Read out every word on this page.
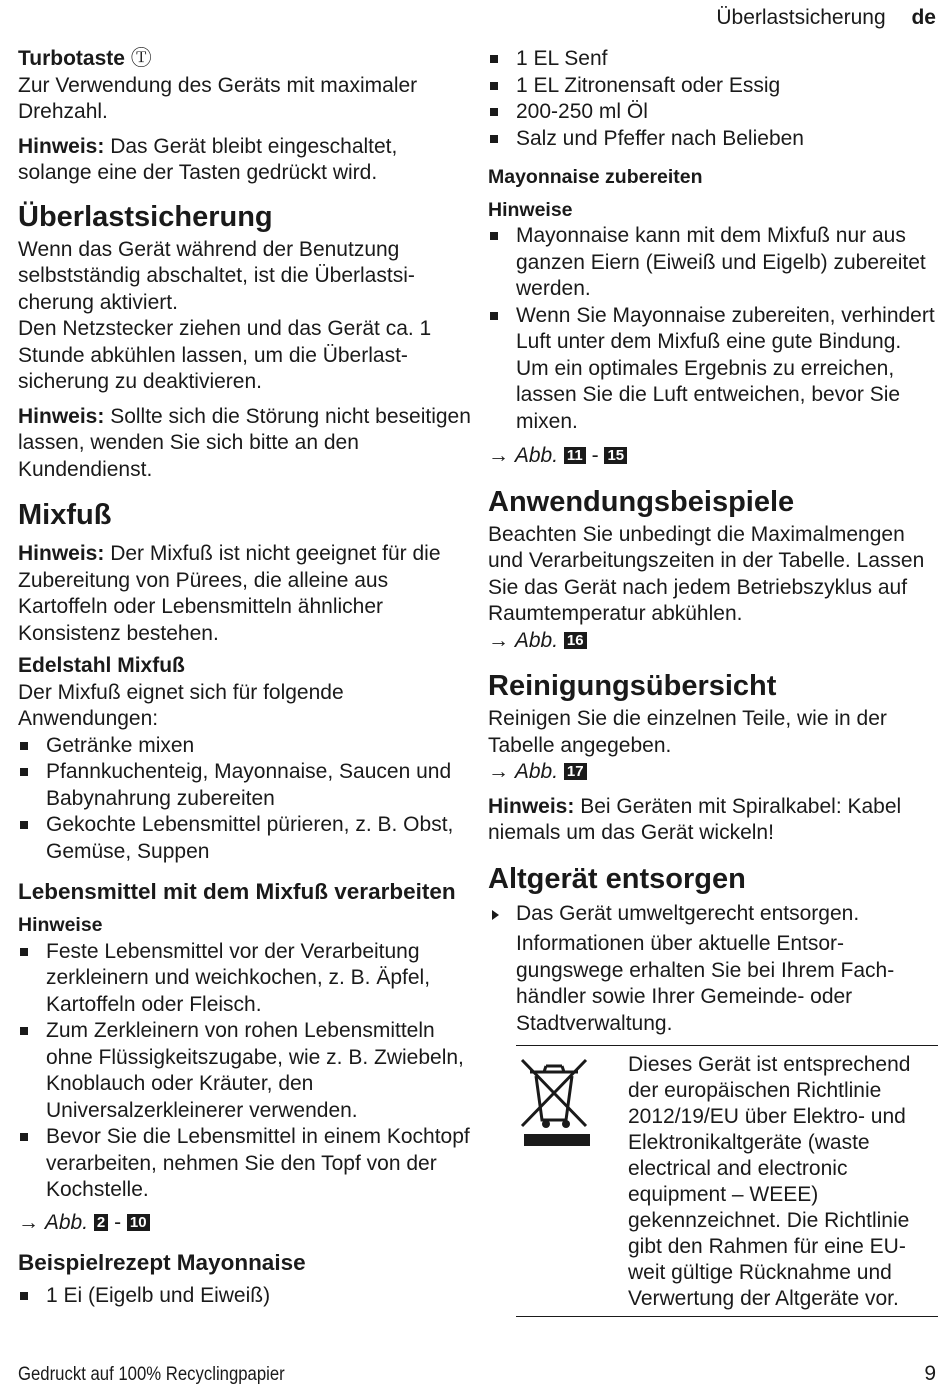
Überlastsicherung de
Turbotaste Ⓣ

Zur Verwendung des Geräts mit maximaler Drehzahl.

Hinweis: Das Gerät bleibt eingeschaltet, solange eine der Tasten gedrückt wird.

Überlastsicherung

Wenn das Gerät während der Benutzung selbstständig abschaltet, ist die Überlastsicherung aktiviert.

Den Netzstecker ziehen und das Gerät ca. 1 Stunde abkühlen lassen, um die Überlastsicherung zu deaktivieren.

Hinweis: Sollte sich die Störung nicht beseitigen lassen, wenden Sie sich bitte an den Kundendienst.

Mixfuß

Hinweis: Der Mixfuß ist nicht geeignet für die Zubereitung von Pürees, die alleine aus Kartoffeln oder Lebensmitteln ähnlicher Konsistenz bestehen.

Edelstahl Mixfuß

Der Mixfuß eignet sich für folgende Anwendungen:

Getränke mixen
Pfannkuchenteig, Mayonnaise, Saucen und Babynahrung zubereiten
Gekochte Lebensmittel pürieren, z. B. Obst, Gemüse, Suppen
Lebensmittel mit dem Mixfuß verarbeiten
Hinweise
Feste Lebensmittel vor der Verarbeitung zerkleinern und weichkochen, z. B. Äpfel, Kartoffeln oder Fleisch.
Zum Zerkleinern von rohen Lebensmitteln ohne Flüssigkeitszugabe, wie z. B. Zwiebeln, Knoblauch oder Kräuter, den Universalzerkleinerer verwenden.
Bevor Sie die Lebensmittel in einem Kochtopf verarbeiten, nehmen Sie den Topf von der Kochstelle.

→ Abb. 2 - 10

Beispielrezept Mayonnaise
1 Ei (Eigelb und Eiweiß)
1 EL Senf
1 EL Zitronensaft oder Essig
200-250 ml Öl
Salz und Pfeffer nach Belieben
Mayonnaise zubereiten
Hinweise
Mayonnaise kann mit dem Mixfuß nur aus ganzen Eiern (Eiweiß und Eigelb) zubereitet werden.
Wenn Sie Mayonnaise zubereiten, verhindert Luft unter dem Mixfuß eine gute Bindung. Um ein optimales Ergebnis zu erreichen, lassen Sie die Luft entweichen, bevor Sie mixen.

→ Abb. 11 - 15

Anwendungsbeispiele

Beachten Sie unbedingt die Maximalmengen und Verarbeitungszeiten in der Tabelle. Lassen Sie das Gerät nach jedem Betriebszyklus auf Raumtemperatur abkühlen.

→ Abb. 16

Reinigungsübersicht

Reinigen Sie die einzelnen Teile, wie in der Tabelle angegeben.

→ Abb. 17

Hinweis: Bei Geräten mit Spiralkabel: Kabel niemals um das Gerät wickeln!

Altgerät entsorgen
Das Gerät umweltgerecht entsorgen.

Informationen über aktuelle Entsorgungswege erhalten Sie bei Ihrem Fachhändler sowie Ihrer Gemeinde- oder Stadtverwaltung.

Dieses Gerät ist entsprechend der europäischen Richtlinie 2012/19/EU über Elektro- und Elektronikaltgeräte (waste electrical and electronic equipment – WEEE) gekennzeichnet. Die Richtlinie gibt den Rahmen für eine EU-weit gültige Rücknahme und Verwertung der Altgeräte vor.
Gedruckt auf 100% Recyclingpapier	9
